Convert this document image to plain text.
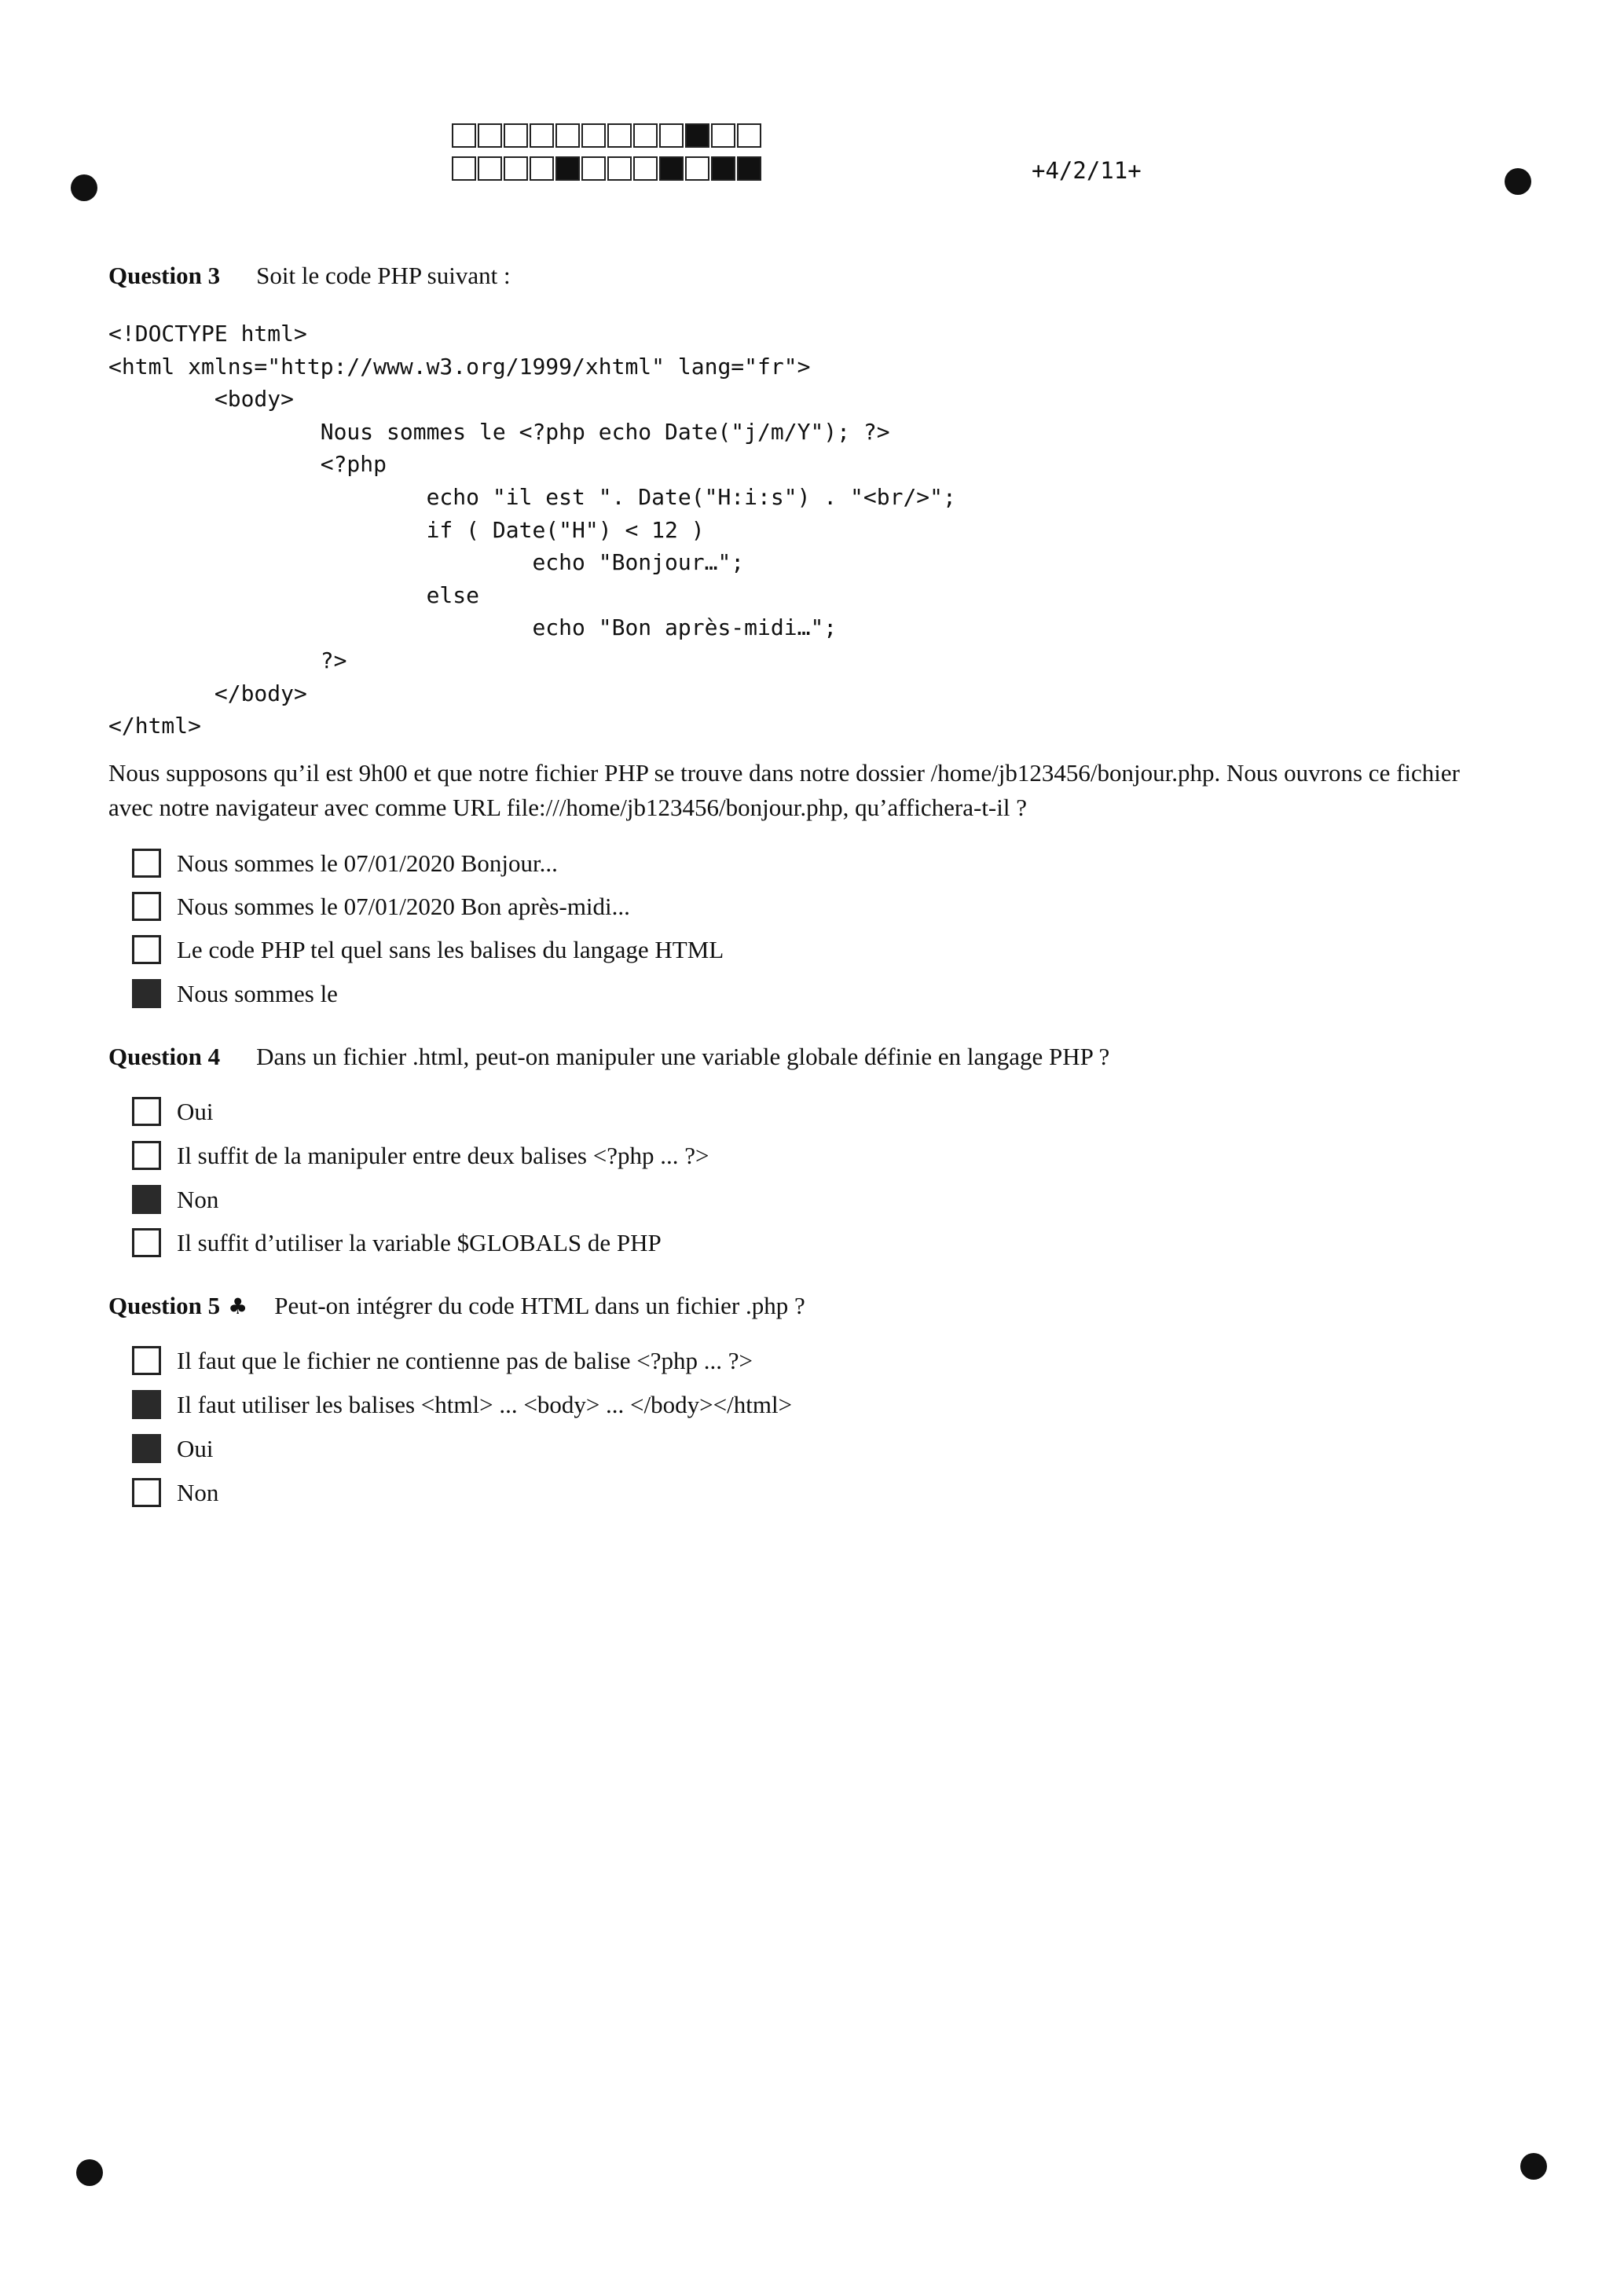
+4/2/11+
Question 3 Soit le code PHP suivant :
<!DOCTYPE html>
<html xmlns="http://www.w3.org/1999/xhtml" lang="fr">
<body>
Nous sommes le <?php echo Date("j/m/Y"); ?>
<?php
echo "il est ". Date("H:i:s") . "<br/>";
if ( Date("H") < 12 )
echo "Bonjour…";
else
echo "Bon après-midi…";
?>
</body>
</html>
Nous supposons qu’il est 9h00 et que notre fichier PHP se trouve dans notre dossier /home/jb123456/bonjour.php. Nous ouvrons ce fichier avec notre navigateur avec comme URL file:///home/jb123456/bonjour.php, qu’affichera-t-il ?
Nous sommes le 07/01/2020 Bonjour...
Nous sommes le 07/01/2020 Bon après-midi...
Le code PHP tel quel sans les balises du langage HTML
Nous sommes le
Question 4 Dans un fichier .html, peut-on manipuler une variable globale définie en langage PHP ?
Oui
Il suffit de la manipuler entre deux balises <?php ... ?>
Non
Il suffit d’utiliser la variable $GLOBALS de PHP
Question 5 ♣ Peut-on intégrer du code HTML dans un fichier .php ?
Il faut que le fichier ne contienne pas de balise <?php ... ?>
Il faut utiliser les balises <html> ... <body> ... </body></html>
Oui
Non
